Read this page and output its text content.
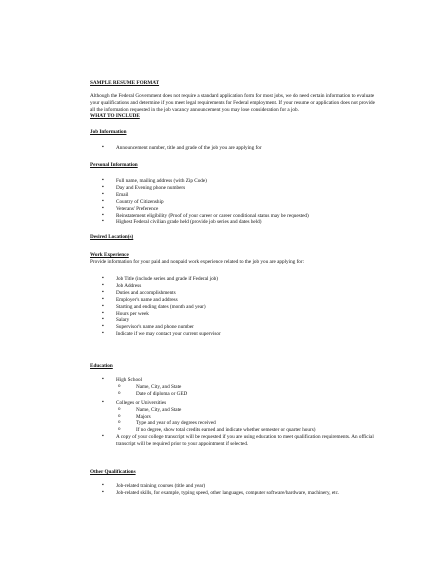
SAMPLE RESUME FORMAT
Although the Federal Government does not require a standard application form for most jobs, we do need certain information to evaluate your qualifications and determine if you meet legal requirements for Federal employment. If your resume or application does not provide all the information requested in the job vacancy announcement you may lose consideration for a job.
WHAT TO INCLUDE
Job Information
▪ Announcement number, title and grade of the job you are applying for
Personal Information
▪ Full name, mailing address (with Zip Code)
▪ Day and Evening phone numbers
▪ Email
▪ Country of Citizenship
▪ Veterans' Preference
▪ Reinstatement eligibility (Proof of your career or career conditional status may be requested)
▪ Highest Federal civilian grade held (provide job series and dates held)
Desired Location(s)
Work Experience
Provide information for your paid and nonpaid work experience related to the job you are applying for:
▪ Job Title (include series and grade if Federal job)
▪ Job Address
▪ Duties and accomplishments
▪ Employer's name and address
▪ Starting and ending dates (month and year)
▪ Hours per week
▪ Salary
▪ Supervisor's name and phone number
▪ Indicate if we may contact your current supervisor
Education
▪ High School
o Name, City, and State
o Date of diploma or GED
▪ Colleges or Universities
o Name, City, and State
o Majors
o Type and year of any degrees received
o If no degree, show total credits earned and indicate whether semester or quarter hours)
▪ A copy of your college transcript will be requested if you are using education to meet qualification requirements. An official transcript will be required prior to your appointment if selected.
Other Qualifications
▪ Job-related training courses (title and year)
▪ Job-related skills, for example, typing speed, other languages, computer software/hardware, machinery, etc.
